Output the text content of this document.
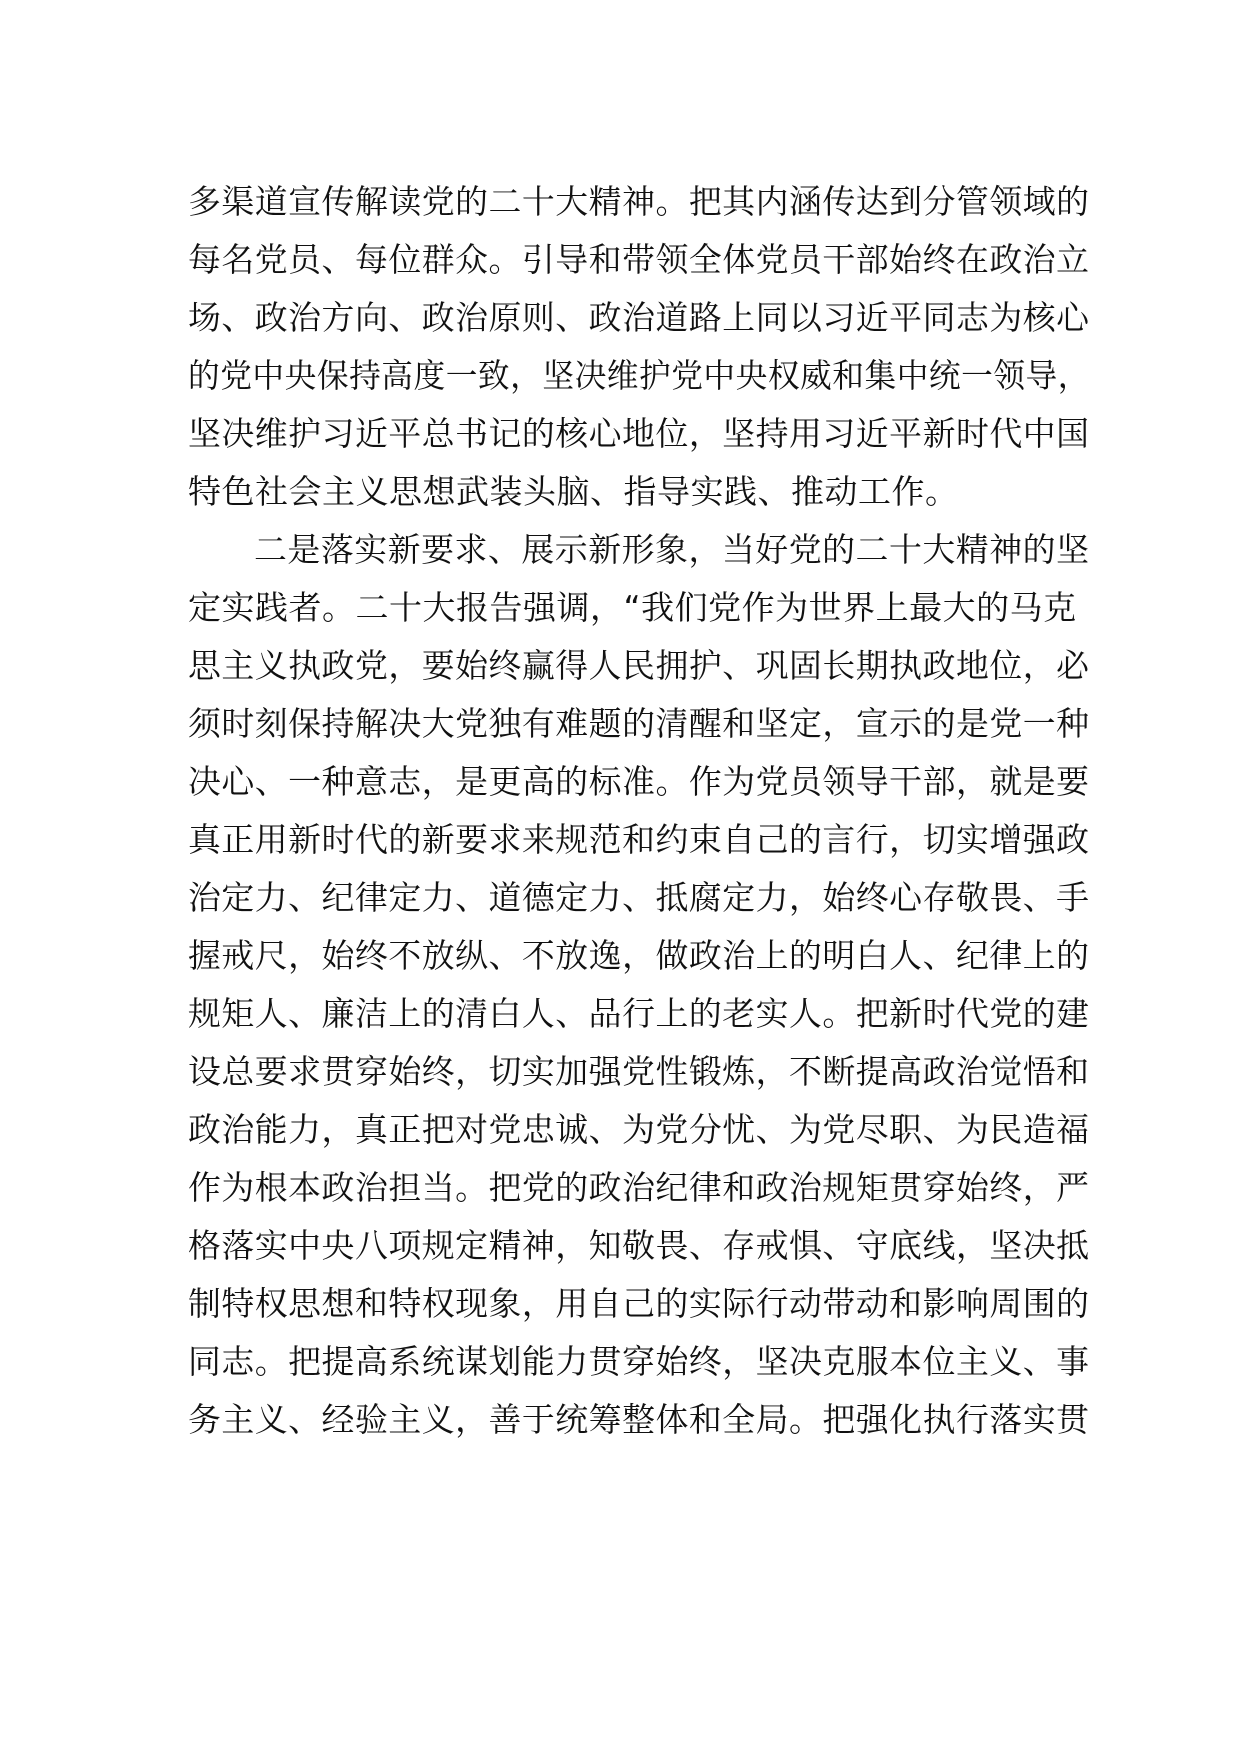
多渠道宣传解读党的二十大精神。把其内涵传达到分管领域的
每名党员、每位群众。引导和带领全体党员干部始终在政治立
场、政治方向、政治原则、政治道路上同以习近平同志为核心
的党中央保持高度一致，坚决维护党中央权威和集中统一领导，
坚决维护习近平总书记的核心地位，坚持用习近平新时代中国
特色社会主义思想武装头脑、指导实践、推动工作。
二是落实新要求、展示新形象，当好党的二十大精神的坚
定实践者。二十大报告强调，“我们党作为世界上最大的马克
思主义执政党，要始终赢得人民拥护、巩固长期执政地位，必
须时刻保持解决大党独有难题的清醒和坚定，宣示的是党一种
决心、一种意志，是更高的标准。作为党员领导干部，就是要
真正用新时代的新要求来规范和约束自己的言行，切实增强政
治定力、纪律定力、道德定力、抵腐定力，始终心存敬畏、手
握戒尺，始终不放纵、不放逸，做政治上的明白人、纪律上的
规矩人、廉洁上的清白人、品行上的老实人。把新时代党的建
设总要求贯穿始终，切实加强党性锻炼，不断提高政治觉悟和
政治能力，真正把对党忠诚、为党分忧、为党尽职、为民造福
作为根本政治担当。把党的政治纪律和政治规矩贯穿始终，严
格落实中央八项规定精神，知敬畏、存戒惧、守底线，坚决抵
制特权思想和特权现象，用自己的实际行动带动和影响周围的
同志。把提高系统谋划能力贯穿始终，坚决克服本位主义、事
务主义、经验主义，善于统筹整体和全局。把强化执行落实贯
